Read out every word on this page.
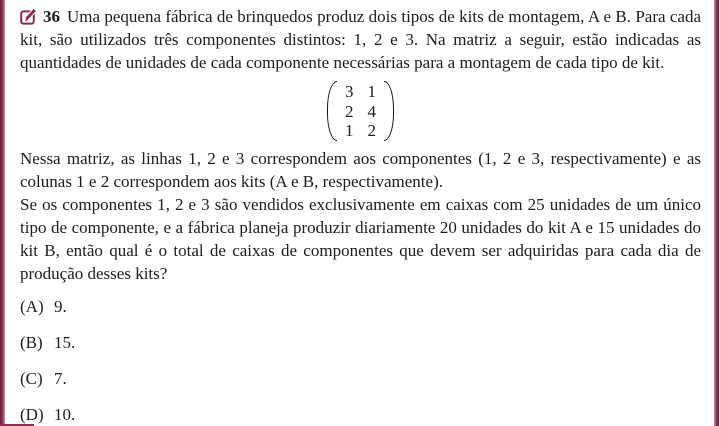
36 Uma pequena fábrica de brinquedos produz dois tipos de kits de montagem, A e B. Para cada kit, são utilizados três componentes distintos: 1, 2 e 3. Na matriz a seguir, estão indicadas as quantidades de unidades de cada componente necessárias para a montagem de cada tipo de kit.

3 1
2 4
1 2

Nessa matriz, as linhas 1, 2 e 3 correspondem aos componentes (1, 2 e 3, respectivamente) e as colunas 1 e 2 correspondem aos kits (A e B, respectivamente).

Se os componentes 1, 2 e 3 são vendidos exclusivamente em caixas com 25 unidades de um único tipo de componente, e a fábrica planeja produzir diariamente 20 unidades do kit A e 15 unidades do kit B, então qual é o total de caixas de componentes que devem ser adquiridas para cada dia de produção desses kits?

(A) 9.
(B) 15.
(C) 7.
(D) 10.
